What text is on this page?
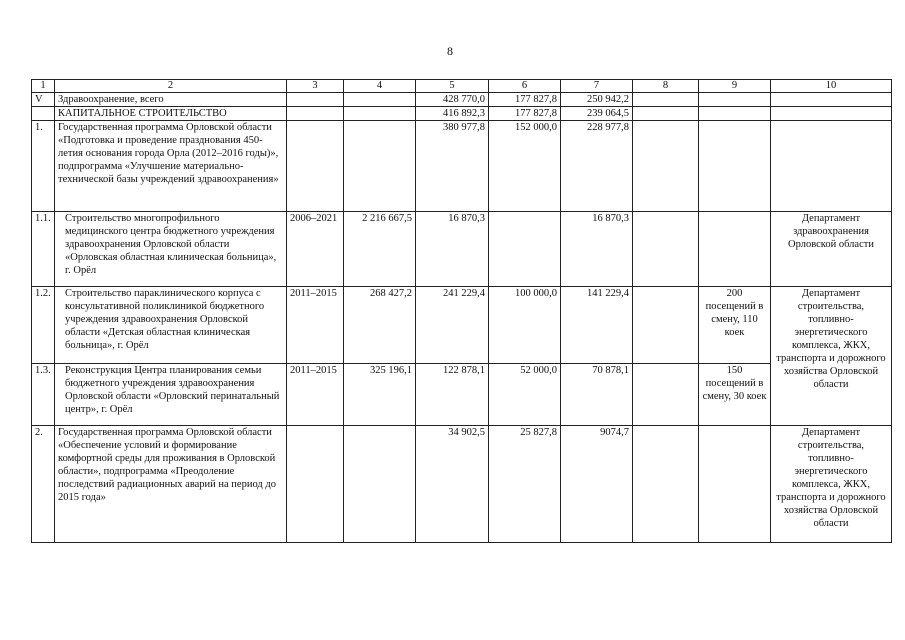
8
1	2	3	4	5	6	7	8	9	10
V	Здравоохранение, всего			428 770,0	177 827,8	250 942,2			
	КАПИТАЛЬНОЕ СТРОИТЕЛЬСТВО			416 892,3	177 827,8	239 064,5			
1.	Государственная программа Орловской области «Подготовка и проведение празднования 450-летия основания города Орла (2012–2016 годы)», подпрограмма «Улучшение материально-технической базы учреждений здравоохранения»			380 977,8	152 000,0	228 977,8			
1.1.	Строительство многопрофильного медицинского центра бюджетного учреждения здравоохранения Орловской области «Орловская областная клиническая больница», г. Орёл	2006–2021	2 216 667,5	16 870,3		16 870,3			Департамент здравоохранения Орловской области
1.2.	Строительство параклинического корпуса с консультативной поликлиникой бюджетного учреждения здравоохранения Орловской области «Детская областная клиническая больница», г. Орёл	2011–2015	268 427,2	241 229,4	100 000,0	141 229,4		200 посещений в смену, 110 коек	Департамент строительства, топливно-энергетического комплекса, ЖКХ, транспорта и дорожного хозяйства Орловской области
1.3.	Реконструкция Центра планирования семьи бюджетного учреждения здравоохранения Орловской области «Орловский перинатальный центр», г. Орёл	2011–2015	325 196,1	122 878,1	52 000,0	70 878,1		150 посещений в смену, 30 коек	
2.	Государственная программа Орловской области «Обеспечение условий и формирование комфортной среды для проживания в Орловской области», подпрограмма «Преодоление последствий радиационных аварий на период до 2015 года»			34 902,5	25 827,8	9074,7			Департамент строительства, топливно-энергетического комплекса, ЖКХ, транспорта и дорожного хозяйства Орловской области
